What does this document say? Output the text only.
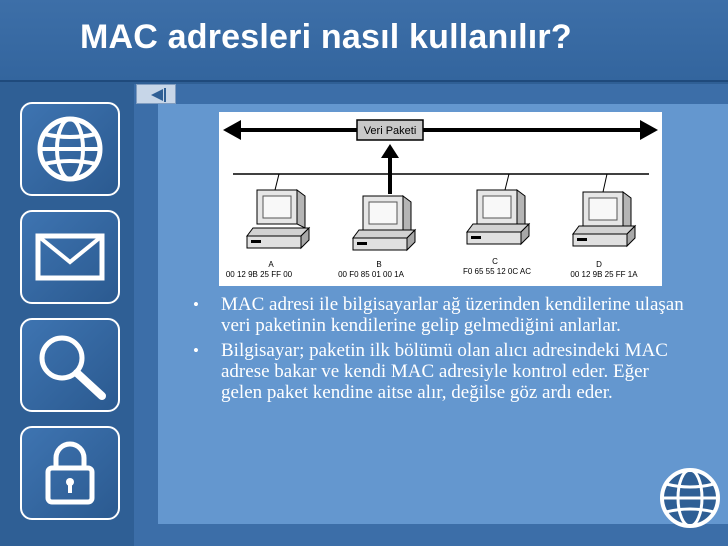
MAC adresleri nasıl kullanılır?
Veri Paketi
A
00 12 9B 25 FF 00
B
00 F0 85 01 00 1A
C
F0 65 55 12 0C AC
D
00 12 9B 25 FF 1A
• MAC adresi ile bilgisayarlar ağ üzerinden kendilerine ulaşan veri paketinin kendilerine gelip gelmediğini anlarlar.
• Bilgisayar; paketin ilk bölümü olan alıcı adresindeki MAC adrese bakar ve kendi MAC adresiyle kontrol eder. Eğer gelen paket kendine aitse alır, değilse göz ardı eder.
